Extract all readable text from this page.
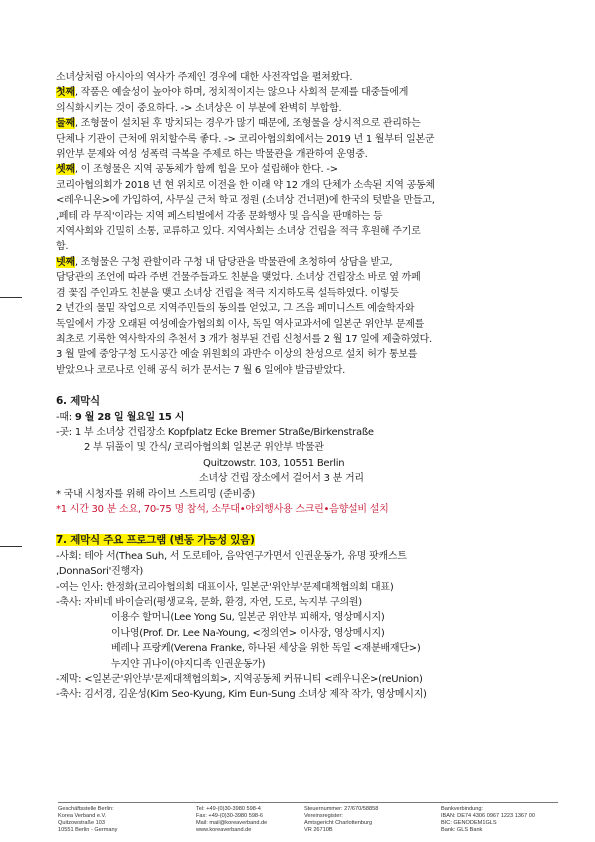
소녀상처럼 아시아의 역사가 주제인 경우에 대한 사전작업을 펼쳐왔다.

첫째, 작품은 예술성이 높아야 하며, 정치적이지는 않으나 사회적 문제를 대중들에게

의식화시키는 것이 중요하다. -> 소녀상은 이 부분에 완벽히 부합함.

둘째, 조형물이 설치된 후 방치되는 경우가 많기 때문에, 조형물을 상시적으로 관리하는

단체나 기관이 근처에 위치할수록 좋다. -> 코리아협의회에서는 2019 년 1 월부터 일본군

위안부 문제와 여성 성폭력 극복을 주제로 하는 박물관을 개관하여 운영중.

셋째, 이 조형물은 지역 공동체가 함께 힘을 모아 설립해야 한다. ->

코리아협의회가 2018 년 현 위치로 이전을 한 이래 약 12 개의 단체가 소속된 지역 공동체

<레우니온>에 가입하여, 사무실 근처 학교 정원 (소녀상 건너편)에 한국의 텃밭을 만들고,

,페테 라 무직'이라는 지역 페스티벌에서 각종 문화행사 및 음식을 판매하는 등

지역사회와 긴밀히 소통, 교류하고 있다. 지역사회는 소녀상 건립을 적극 후원해 주기로

함.

넷째, 조형물은 구청 관할이라 구청 내 담당관을 박물관에 초청하여 상담을 받고,

담당관의 조언에 따라 주변 건물주들과도 친분을 맺었다. 소녀상 건립장소 바로 옆 까페

겸 꽃집 주인과도 친분을 맺고 소녀상 건립을 적극 지지하도록 설득하였다. 이렇듯

2 년간의 물밑 작업으로 지역주민들의 동의를 얻었고, 그 즈음 페미니스트 예술학자와

독일에서 가장 오래된 여성예술가협의회 이사, 독일 역사교과서에 일본군 위안부 문제를

최초로 기록한 역사학자의 추천서 3 개가 첨부된 건립 신청서를 2 월 17 일에 제출하였다.

3 월 말에 중앙구청 도시공간 예술 위원회의 과반수 이상의 찬성으로 설치 허가 통보를

받았으나 코로나로 인해 공식 허가 문서는 7 월 6 일에야 발급받았다.

6. 제막식

-때: 9 월 28 일 월요일 15 시

-곳: 1 부 소녀상 건립장소 Kopfplatz Ecke Bremer Straße/Birkenstraße

2 부 뒤풀이 및 간식/ 코리아협의회 일본군 위안부 박물관

Quitzowstr. 103, 10551 Berlin

소녀상 건립 장소에서 걸어서 3 분 거리

* 국내 시청자를 위해 라이브 스트리밍 (준비중)

*1 시간 30 분 소요, 70-75 명 참석, 소무대•야외행사용 스크린•음향설비 설치

7. 제막식 주요 프로그램 (변동 가능성 있음)

-사회: 테아 서(Thea Suh, 서 도로테아, 음악연구가면서 인권운동가, 유명 팟캐스트

,DonnaSori'진행자)

-여는 인사: 한정화(코리아협의회 대표이사, 일본군'위안부'문제대책협의회 대표)

-축사: 자비네 바이슬러(평생교육, 문화, 환경, 자연, 도로, 녹지부 구의원)

이용수 할머니(Lee Yong Su, 일본군 위안부 피해자, 영상메시지)

이나영(Prof. Dr. Lee Na-Young, <정의연> 이사장, 영상메시지)

베레나 프랑케(Verena Franke, 하나된 세상을 위한 독일 <재분배재단>)

누지얀 귀나이(야지디족 인권운동가)

-제막: <일본군'위안부'문제대책협의회>, 지역공동체 커뮤니티 <레우니온>(reUnion)

-축사: 김서경, 김운성(Kim Seo-Kyung, Kim Eun-Sung 소녀상 제작 작가, 영상메시지)

Geschäftsstelle Berlin:
Korea Verband e.V.
Quitzowstraße 103
10551 Berlin - Germany
Tel: +49-(0)30-3980 598-4
Fax: +49-(0)30-3980 598-6
Mail: mail@koreaverband.de
www.koreaverband.de
Steuernummer: 27/670/58858
Vereinsregister:
Amtsgericht Charlottenburg
VR 26710B
Bankverbindung:
IBAN: DE74 4306 0967 1223 1367 00
BIC: GENODEM1GLS
Bank: GLS Bank
